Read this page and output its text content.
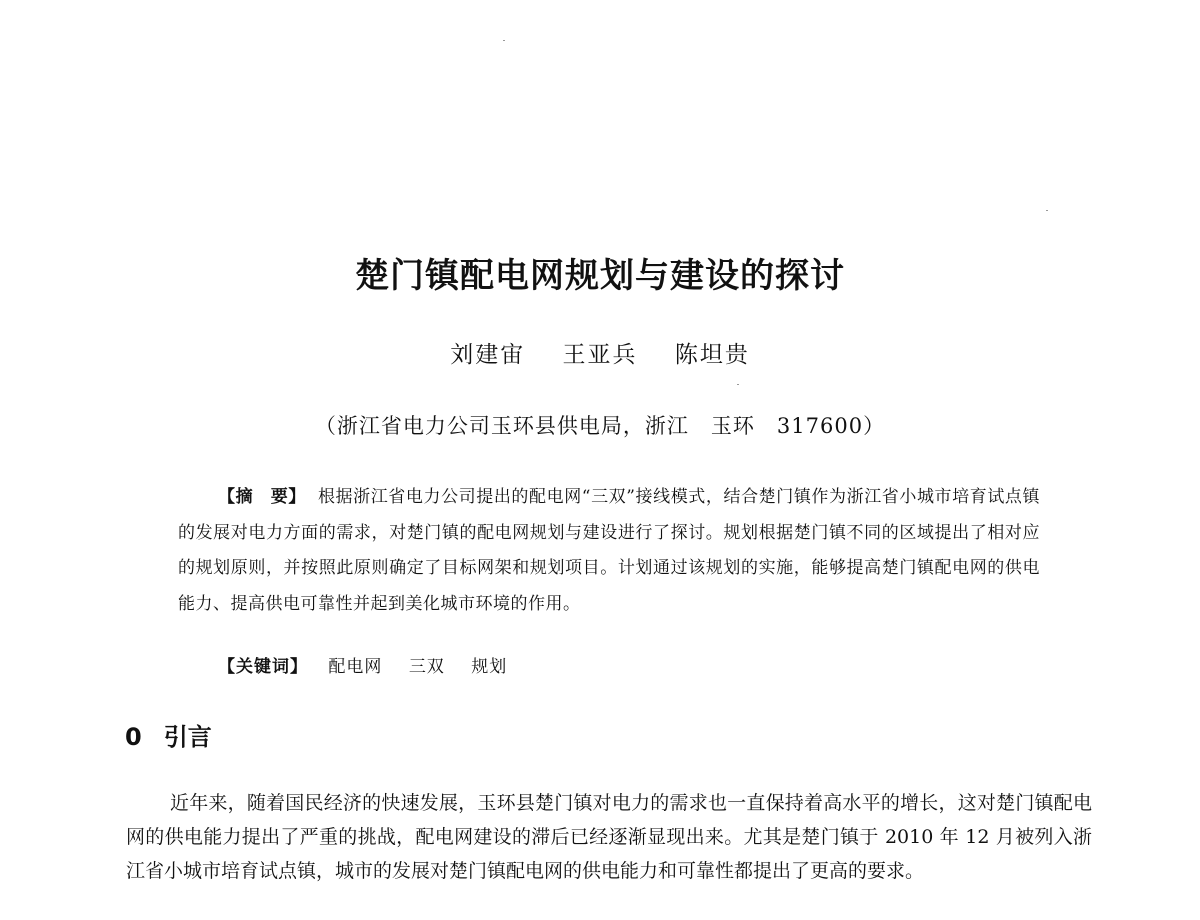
楚门镇配电网规划与建设的探讨
刘建宙 王亚兵 陈坦贵
（浙江省电力公司玉环县供电局，浙江　玉环　317600）
【摘　要】 根据浙江省电力公司提出的配电网“三双”接线模式，结合楚门镇作为浙江省小城市培育试点镇的发展对电力方面的需求，对楚门镇的配电网规划与建设进行了探讨。规划根据楚门镇不同的区域提出了相对应的规划原则，并按照此原则确定了目标网架和规划项目。计划通过该规划的实施，能够提高楚门镇配电网的供电能力、提高供电可靠性并起到美化城市环境的作用。
【关键词】 配电网 三双 规划
0 引言
近年来，随着国民经济的快速发展，玉环县楚门镇对电力的需求也一直保持着高水平的增长，这对楚门镇配电网的供电能力提出了严重的挑战，配电网建设的滞后已经逐渐显现出来。尤其是楚门镇于 2010 年 12 月被列入浙江省小城市培育试点镇，城市的发展对楚门镇配电网的供电能力和可靠性都提出了更高的要求。
